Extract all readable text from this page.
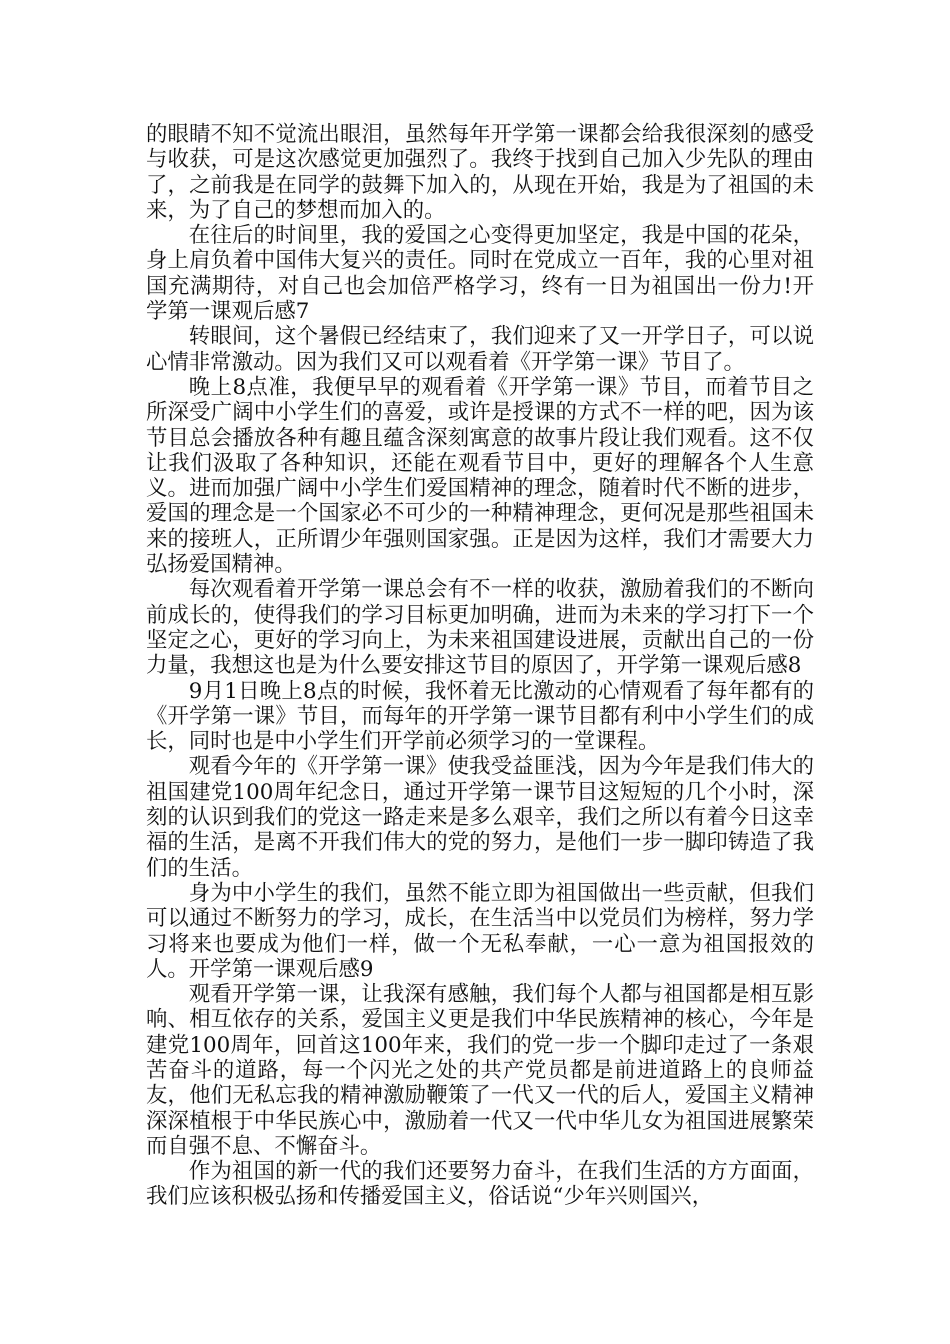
的眼睛不知不觉流出眼泪，虽然每年开学第一课都会给我很深刻的感受与收获，可是这次感觉更加强烈了。我终于找到自己加入少先队的理由了，之前我是在同学的鼓舞下加入的，从现在开始，我是为了祖国的未来，为了自己的梦想而加入的。

在往后的时间里，我的爱国之心变得更加坚定，我是中国的花朵，身上肩负着中国伟大复兴的责任。同时在党成立一百年，我的心里对祖国充满期待，对自己也会加倍严格学习，终有一日为祖国出一份力!开学第一课观后感7

转眼间，这个暑假已经结束了，我们迎来了又一开学日子，可以说心情非常激动。因为我们又可以观看着《开学第一课》节目了。

晚上8点准，我便早早的观看着《开学第一课》节目，而着节目之所深受广阔中小学生们的喜爱，或许是授课的方式不一样的吧，因为该节目总会播放各种有趣且蕴含深刻寓意的故事片段让我们观看。这不仅让我们汲取了各种知识，还能在观看节目中，更好的理解各个人生意义。进而加强广阔中小学生们爱国精神的理念，随着时代不断的进步，爱国的理念是一个国家必不可少的一种精神理念，更何况是那些祖国未来的接班人，正所谓少年强则国家强。正是因为这样，我们才需要大力弘扬爱国精神。

每次观看着开学第一课总会有不一样的收获，激励着我们的不断向前成长的，使得我们的学习目标更加明确，进而为未来的学习打下一个坚定之心，更好的学习向上，为未来祖国建设进展，贡献出自己的一份力量，我想这也是为什么要安排这节目的原因了，开学第一课观后感8

9月1日晚上8点的时候，我怀着无比激动的心情观看了每年都有的《开学第一课》节目，而每年的开学第一课节目都有利中小学生们的成长，同时也是中小学生们开学前必须学习的一堂课程。

观看今年的《开学第一课》使我受益匪浅，因为今年是我们伟大的祖国建党100周年纪念日，通过开学第一课节目这短短的几个小时，深刻的认识到我们的党这一路走来是多么艰辛，我们之所以有着今日这幸福的生活，是离不开我们伟大的党的努力，是他们一步一脚印铸造了我们的生活。

身为中小学生的我们，虽然不能立即为祖国做出一些贡献，但我们可以通过不断努力的学习，成长，在生活当中以党员们为榜样，努力学习将来也要成为他们一样，做一个无私奉献，一心一意为祖国报效的人。开学第一课观后感9

观看开学第一课，让我深有感触，我们每个人都与祖国都是相互影响、相互依存的关系，爱国主义更是我们中华民族精神的核心，今年是建党100周年，回首这100年来，我们的党一步一个脚印走过了一条艰苦奋斗的道路，每一个闪光之处的共产党员都是前进道路上的良师益友，他们无私忘我的精神激励鞭策了一代又一代的后人，爱国主义精神深深植根于中华民族心中，激励着一代又一代中华儿女为祖国进展繁荣而自强不息、不懈奋斗。

作为祖国的新一代的我们还要努力奋斗，在我们生活的方方面面，我们应该积极弘扬和传播爱国主义，俗话说“少年兴则国兴，
